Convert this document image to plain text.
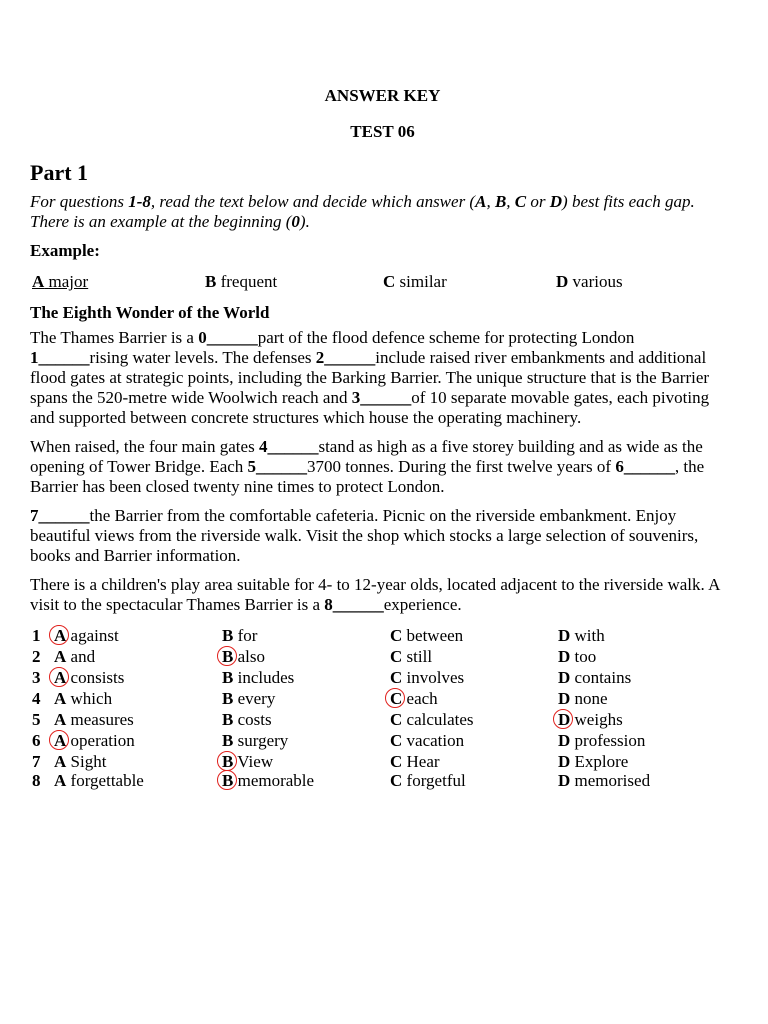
ANSWER KEY
TEST 06
Part 1
For questions 1-8, read the text below and decide which answer (A, B, C or D) best fits each gap. There is an example at the beginning (0).
Example:
A major	B frequent	C similar	D various
The Eighth Wonder of the World

The Thames Barrier is a 0______part of the flood defence scheme for protecting London 1______rising water levels. The defenses 2______include raised river embankments and additional flood gates at strategic points, including the Barking Barrier. The unique structure that is the Barrier spans the 520-metre wide Woolwich reach and 3______of 10 separate movable gates, each pivoting and supported between concrete structures which house the operating machinery.

When raised, the four main gates 4______stand as high as a five storey building and as wide as the opening of Tower Bridge. Each 5______3700 tonnes. During the first twelve years of 6______, the Barrier has been closed twenty nine times to protect London.

7______the Barrier from the comfortable cafeteria. Picnic on the riverside embankment. Enjoy beautiful views from the riverside walk. Visit the shop which stocks a large selection of souvenirs, books and Barrier information.

There is a children's play area suitable for 4- to 12-year olds, located adjacent to the riverside walk. A visit to the spectacular Thames Barrier is a 8______experience.

1 A against	B for	C between	D with
2 A and	B also	C still	D too
3 A consists	B includes	C involves	D contains
4 A which	B every	C each	D none
5 A measures	B costs	C calculates	D weighs
6 A operation	B surgery	C vacation	D profession
7 A Sight	B View	C Hear	D Explore
8 A forgettable	B memorable	C forgetful	D memorised
